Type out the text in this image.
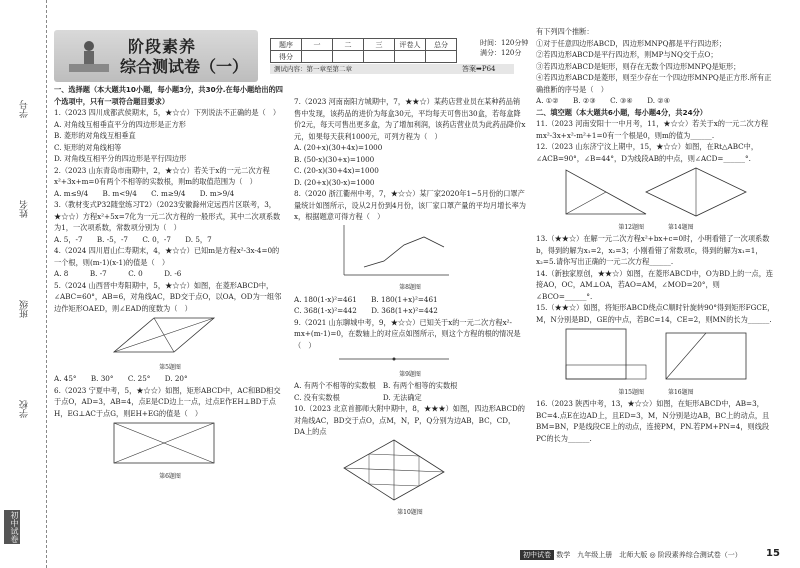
学号
姓名
班级
学校
初中试卷
阶段素养
综合测试卷（一）
题序	一	二	三	评卷人	总分
得分					
时间：120分钟
满分：120分
测试内容：第一章至第二章	答案➡P64

一、选择题（本大题共10小题，每小题3分，共30分.在每小题给出的四个选项中，只有一项符合题目要求）

1.（2023 四川成都武侯期末，5，★☆☆）下列说法不正确的是（　）

A. 对角线互相垂直平分的四边形是正方形

B. 菱形的对角线互相垂直

C. 矩形的对角线相等

D. 对角线互相平分的四边形是平行四边形

2.（2023 山东青岛市南期中，2，★☆☆）若关于x的一元二次方程x²+3x+m=0有两个不相等的实数根，则m的取值范围为（　）

A. m≤9/4　　B. m<9/4　　C. m≥9/4　　D. m>9/4

3.（教材变式P32随堂练习T2）（2023安徽滁州定远西片区联考，3，★☆☆）方程x²+5x=7化为一元二次方程的一般形式，其中二次项系数为1，一次项系数，常数项分别为（　）

A. 5，-7　　B. -5，-7　　C. 0，-7　　D. 5，7

4.（2024 四川眉山仁寿期末，4，★☆☆）已知m是方程x²-3x-4=0的一个根，则(m-1)(x-1)的值是（　）

A. 8　　　B. -7　　　C. 0　　　D. -6

5.（2024 山西晋中寿阳期中，5，★☆☆）如图，在菱形ABCD中，∠ABC=60°，AB=6，对角线AC，BD交于点O，以OA，OD为一组邻边作矩形OAED，则∠EAD的度数为（　）

第5题图

A. 45°　　B. 30°　　C. 25°　　D. 20°

6.（2023 宁夏中考，5，★☆☆）如图，矩形ABCD中，AC和BD相交于点O，AD=3，AB=4，点E是CD边上一点，过点E作EH⊥BD于点H，EG⊥AC于点G，则EH+EG的值是（　）

第6题图

7.（2023 河南南阳方城期中，7，★★☆）某药店营业员在某种药品销售中发现，该药品的进价为每盒30元，平均每天可售出30盒，若每盒降价2元，每天可售出更多盒，为了增加利润，该药店营业员为此药品降价x元，如果每天获利1000元，可列方程为（　）

A. (20+x)(30+4x)=1000

B. (50-x)(30+x)=1000

C. (20-x)(30+4x)=1000

D. (20+x)(30-x)=1000

8.（2020 浙江衢州中考，7，★☆☆）某厂家2020年1~5月份的口罩产量统计如图所示，设从2月份到4月份，该厂家口罩产量的平均月增长率为x，根据题意可得方程（　）

第8题图

A. 180(1-x)²=461　　B. 180(1+x)²=461

C. 368(1-x)²=442　　D. 368(1+x)²=442

9.（2021 山东聊城中考，9，★☆☆）已知关于x的一元二次方程x²-mx+(m-1)=0，在数轴上的对应点如图所示，则这个方程的根的情况是（　）

第9题图

A. 有两个不相等的实数根　B. 有两个相等的实数根

C. 没有实数根　　　　　　D. 无法确定

10.（2023 北京首都师大附中期中，8，★★★）如图，四边形ABCD的对角线AC，BD交于点O，点M，N，P，Q分别为边AB，BC，CD，DA上的点

第10题图

有下列四个推断：

①对于任意四边形ABCD，四边形MNPQ都是平行四边形；

②若四边形ABCD是平行四边形，则MP与NQ交于点O；

③若四边形ABCD是矩形，则存在无数个四边形MNPQ是矩形；

④若四边形ABCD是菱形，则至少存在一个四边形MNPQ是正方形.所有正确推断的序号是（　）

A. ①②　　B. ②③　　C. ③④　　D. ②④

二、填空题（本大题共6小题，每小题4分，共24分）

11.（2023 河南安阳十一中月考，11，★☆☆）若关于x的一元二次方程mx²-3x+x²-m²+1=0有一个根是0，则m的值为______.

12.（2023 山东济宁汶上期中，15，★☆☆）如图，在Rt△ABC中，∠ACB=90°，∠B=44°，D为线段AB的中点，则∠ACD=______°.

第12题图　　　　第14题图

13.（★★☆）在解一元二次方程x²+bx+c=0时，小明看错了一次项系数b，得到的解为x₁=2，x₂=3；小刚看错了常数项c，得到的解为x₁=1，x₂=5.请你写出正确的一元二次方程______.

14.（新独家原创，★★☆）如图，在菱形ABCD中，O为BD上的一点，连接AO，OC，AM⊥OA，若AO=AM，∠MOD=20°，则∠BCO=______°.

15.（★★☆）如图，将矩形ABCD绕点C顺时针旋转90°得到矩形FGCE，M，N分别是BD，GE的中点，若BC=14，CE=2，则MN的长为______.

第15题图　　　　第16题图

16.（2023 陕西中考，13，★☆☆）如图，在矩形ABCD中，AB=3，BC=4.点E在边AD上，且ED=3，M，N分别是边AB，BC上的动点，且BM=BN，P是线段CE上的动点，连接PM，PN.若PM+PN=4，则线段PC的长为______.

初中试卷 数学　九年级上册　北师大版 ◎ 阶段素养综合测试卷（一） 15
